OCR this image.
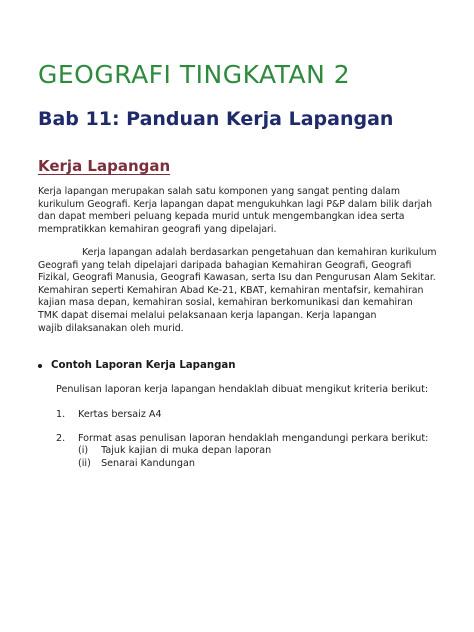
GEOGRAFI TINGKATAN 2
Bab 11: Panduan Kerja Lapangan
Kerja Lapangan
Kerja lapangan merupakan salah satu komponen yang sangat penting dalam
kurikulum Geografi. Kerja lapangan dapat mengukuhkan lagi P&P dalam bilik darjah
dan dapat memberi peluang kepada murid untuk mengembangkan idea serta
mempratikkan kemahiran geografi yang dipelajari.
Kerja lapangan adalah berdasarkan pengetahuan dan kemahiran kurikulum
Geografi yang telah dipelajari daripada bahagian Kemahiran Geografi, Geografi
Fizikal, Geografi Manusia, Geografi Kawasan, serta Isu dan Pengurusan Alam Sekitar.
Kemahiran seperti Kemahiran Abad Ke-21, KBAT, kemahiran mentafsir, kemahiran
kajian masa depan, kemahiran sosial, kemahiran berkomunikasi dan kemahiran
TMK dapat disemai melalui pelaksanaan kerja lapangan. Kerja lapangan
wajib dilaksanakan oleh murid.
Contoh Laporan Kerja Lapangan
Penulisan laporan kerja lapangan hendaklah dibuat mengikut kriteria berikut:
1.	Kertas bersaiz A4
2.	Format asas penulisan laporan hendaklah mengandungi perkara berikut:
(i) Tajuk kajian di muka depan laporan
(ii) Senarai Kandungan
